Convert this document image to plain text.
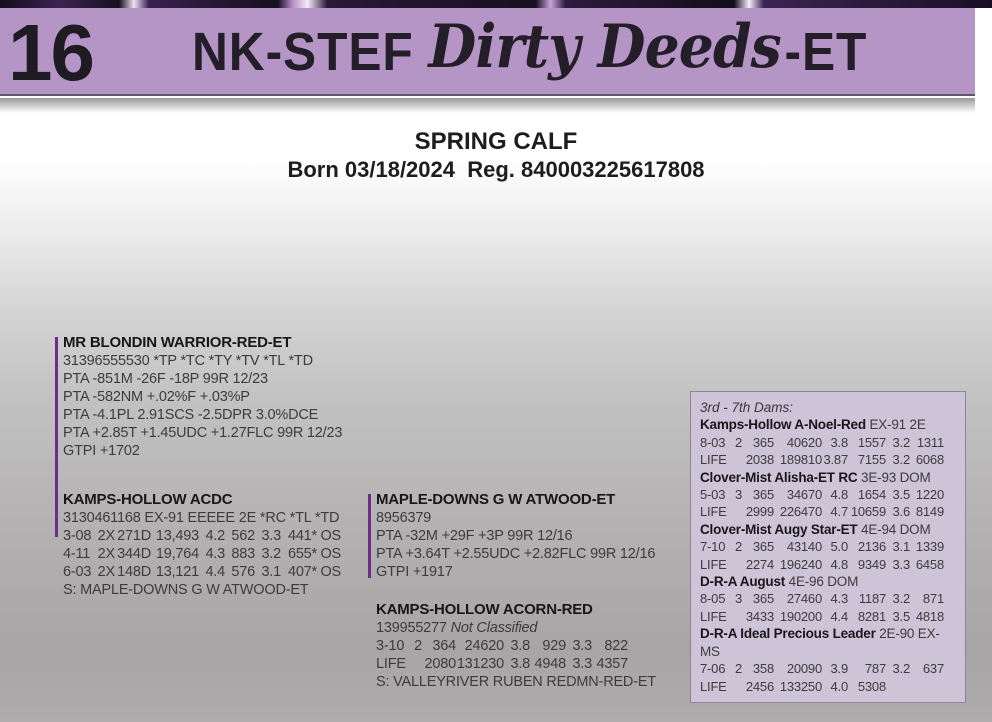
16 NK-STEF Dirty Deeds -ET
SPRING CALF
Born 03/18/2024  Reg. 840003225617808
MR BLONDIN WARRIOR-RED-ET
31396555530 *TP *TC *TY *TV *TL *TD
PTA -851M -26F -18P 99R 12/23
PTA -582NM +.02%F +.03%P
PTA -4.1PL 2.91SCS -2.5DPR 3.0%DCE
PTA +2.85T +1.45UDC +1.27FLC 99R 12/23
GTPI +1702
KAMPS-HOLLOW ACDC
3130461168 EX-91 EEEEE 2E *RC *TL *TD
3-08 2X 271D 13,493 4.2 562 3.3 441* OS
4-11 2X 344D 19,764 4.3 883 3.2 655* OS
6-03 2X 148D 13,121 4.4 576 3.1 407* OS
S: MAPLE-DOWNS G W ATWOOD-ET
MAPLE-DOWNS G W ATWOOD-ET
8956379
PTA -32M +29F +3P 99R 12/16
PTA +3.64T +2.55UDC +2.82FLC 99R 12/16
GTPI +1917
KAMPS-HOLLOW ACORN-RED
139955277 Not Classified
3-10 2 364 24620 3.8 929 3.3 822
LIFE 2080 131230 3.8 4948 3.3 4357
S: VALLEYRIVER RUBEN REDMN-RED-ET
3rd - 7th Dams:
Kamps-Hollow A-Noel-Red EX-91 2E
8-03 2 365 40620 3.8 1557 3.2 1311
LIFE 2038 189810 3.87 7155 3.2 6068
Clover-Mist Alisha-ET RC 3E-93 DOM
5-03 3 365 34670 4.8 1654 3.5 1220
LIFE 2999 226470 4.7 10659 3.6 8149
Clover-Mist Augy Star-ET 4E-94 DOM
7-10 2 365 43140 5.0 2136 3.1 1339
LIFE 2274 196240 4.8 9349 3.3 6458
D-R-A August 4E-96 DOM
8-05 3 365 27460 4.3 1187 3.2 871
LIFE 3433 190200 4.4 8281 3.5 4818
D-R-A Ideal Precious Leader 2E-90 EX-MS
7-06 2 358 20090 3.9	787 3.2 637
LIFE 2456 133250 4.0 5308
